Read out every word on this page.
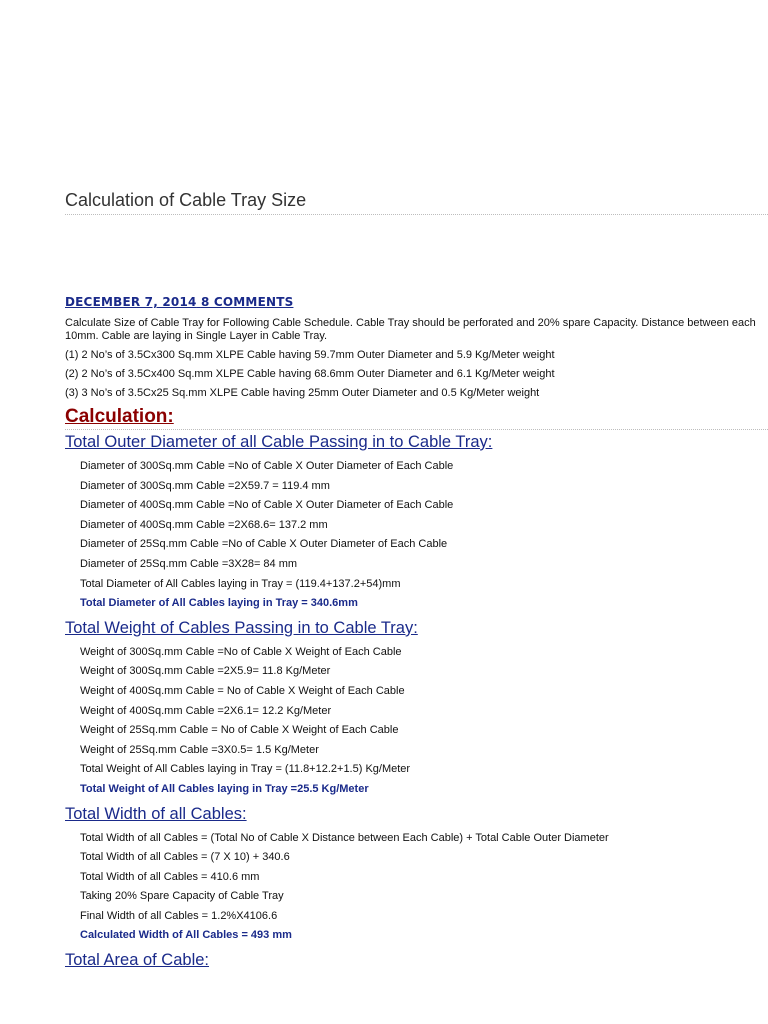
Calculation of Cable Tray Size
DECEMBER 7, 2014 8 COMMENTS

Calculate Size of Cable Tray for Following Cable Schedule. Cable Tray should be perforated and 20% spare Capacity. Distance between each

10mm. Cable are laying in Single Layer in Cable Tray.

(1) 2 No’s of 3.5Cx300 Sq.mm XLPE Cable having 59.7mm Outer Diameter and 5.9 Kg/Meter weight

(2) 2 No’s of 3.5Cx400 Sq.mm XLPE Cable having 68.6mm Outer Diameter and 6.1 Kg/Meter weight

(3) 3 No’s of 3.5Cx25 Sq.mm XLPE Cable having 25mm Outer Diameter and 0.5 Kg/Meter weight

Calculation:
Total Outer Diameter of all Cable Passing in to Cable Tray:
Diameter of 300Sq.mm Cable =No of Cable X Outer Diameter of Each Cable
Diameter of 300Sq.mm Cable =2X59.7 = 119.4 mm
Diameter of 400Sq.mm Cable =No of Cable X Outer Diameter of Each Cable
Diameter of 400Sq.mm Cable =2X68.6= 137.2 mm
Diameter of 25Sq.mm Cable =No of Cable X Outer Diameter of Each Cable
Diameter of 25Sq.mm Cable =3X28= 84 mm
Total Diameter of All Cables laying in Tray = (119.4+137.2+54)mm
Total Diameter of All Cables laying in Tray = 340.6mm
Total Weight of Cables Passing in to Cable Tray:
Weight of 300Sq.mm Cable =No of Cable X Weight of Each Cable
Weight of 300Sq.mm Cable =2X5.9= 11.8 Kg/Meter
Weight of 400Sq.mm Cable = No of Cable X Weight of Each Cable
Weight of 400Sq.mm Cable =2X6.1= 12.2 Kg/Meter
Weight of 25Sq.mm Cable = No of Cable X Weight of Each Cable
Weight of 25Sq.mm Cable =3X0.5= 1.5 Kg/Meter
Total Weight of All Cables laying in Tray = (11.8+12.2+1.5) Kg/Meter
Total Weight of All Cables laying in Tray =25.5 Kg/Meter
Total Width of all Cables:
Total Width of all Cables = (Total No of Cable X Distance between Each Cable) + Total Cable Outer Diameter
Total Width of all Cables = (7 X 10) + 340.6
Total Width of all Cables = 410.6 mm
Taking 20% Spare Capacity of Cable Tray
Final Width of all Cables = 1.2%X4106.6
Calculated Width of All Cables = 493 mm
Total Area of Cable:
